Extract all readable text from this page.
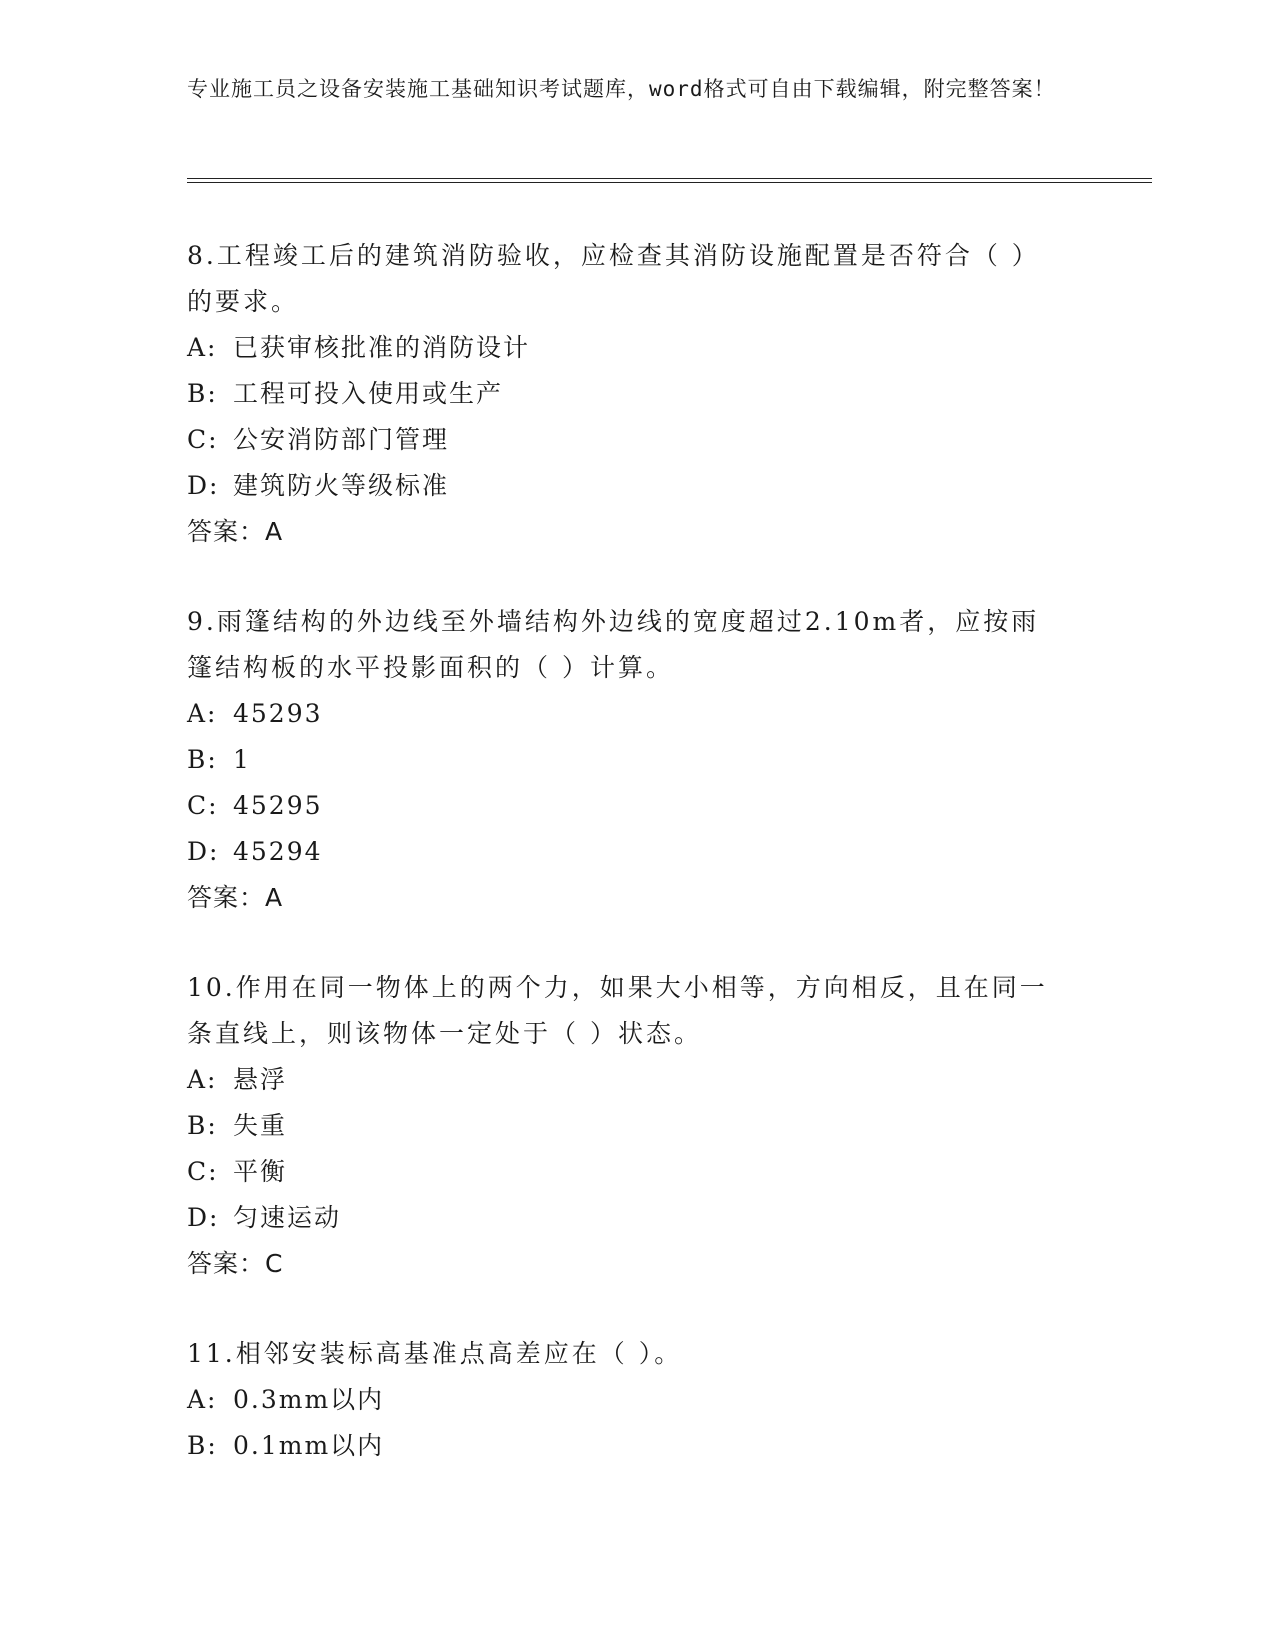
专业施工员之设备安装施工基础知识考试题库，word格式可自由下载编辑，附完整答案！
8.工程竣工后的建筑消防验收，应检查其消防设施配置是否符合（ ）的要求。
A: 已获审核批准的消防设计
B: 工程可投入使用或生产
C: 公安消防部门管理
D: 建筑防火等级标准
答案：A
9.雨篷结构的外边线至外墙结构外边线的宽度超过2.10m者，应按雨篷结构板的水平投影面积的（ ）计算。
A: 45293
B: 1
C: 45295
D: 45294
答案：A
10.作用在同一物体上的两个力，如果大小相等，方向相反，且在同一条直线上，则该物体一定处于（ ）状态。
A: 悬浮
B: 失重
C: 平衡
D: 匀速运动
答案：C
11.相邻安装标高基准点高差应在（ ）。
A: 0.3mm以内
B: 0.1mm以内
